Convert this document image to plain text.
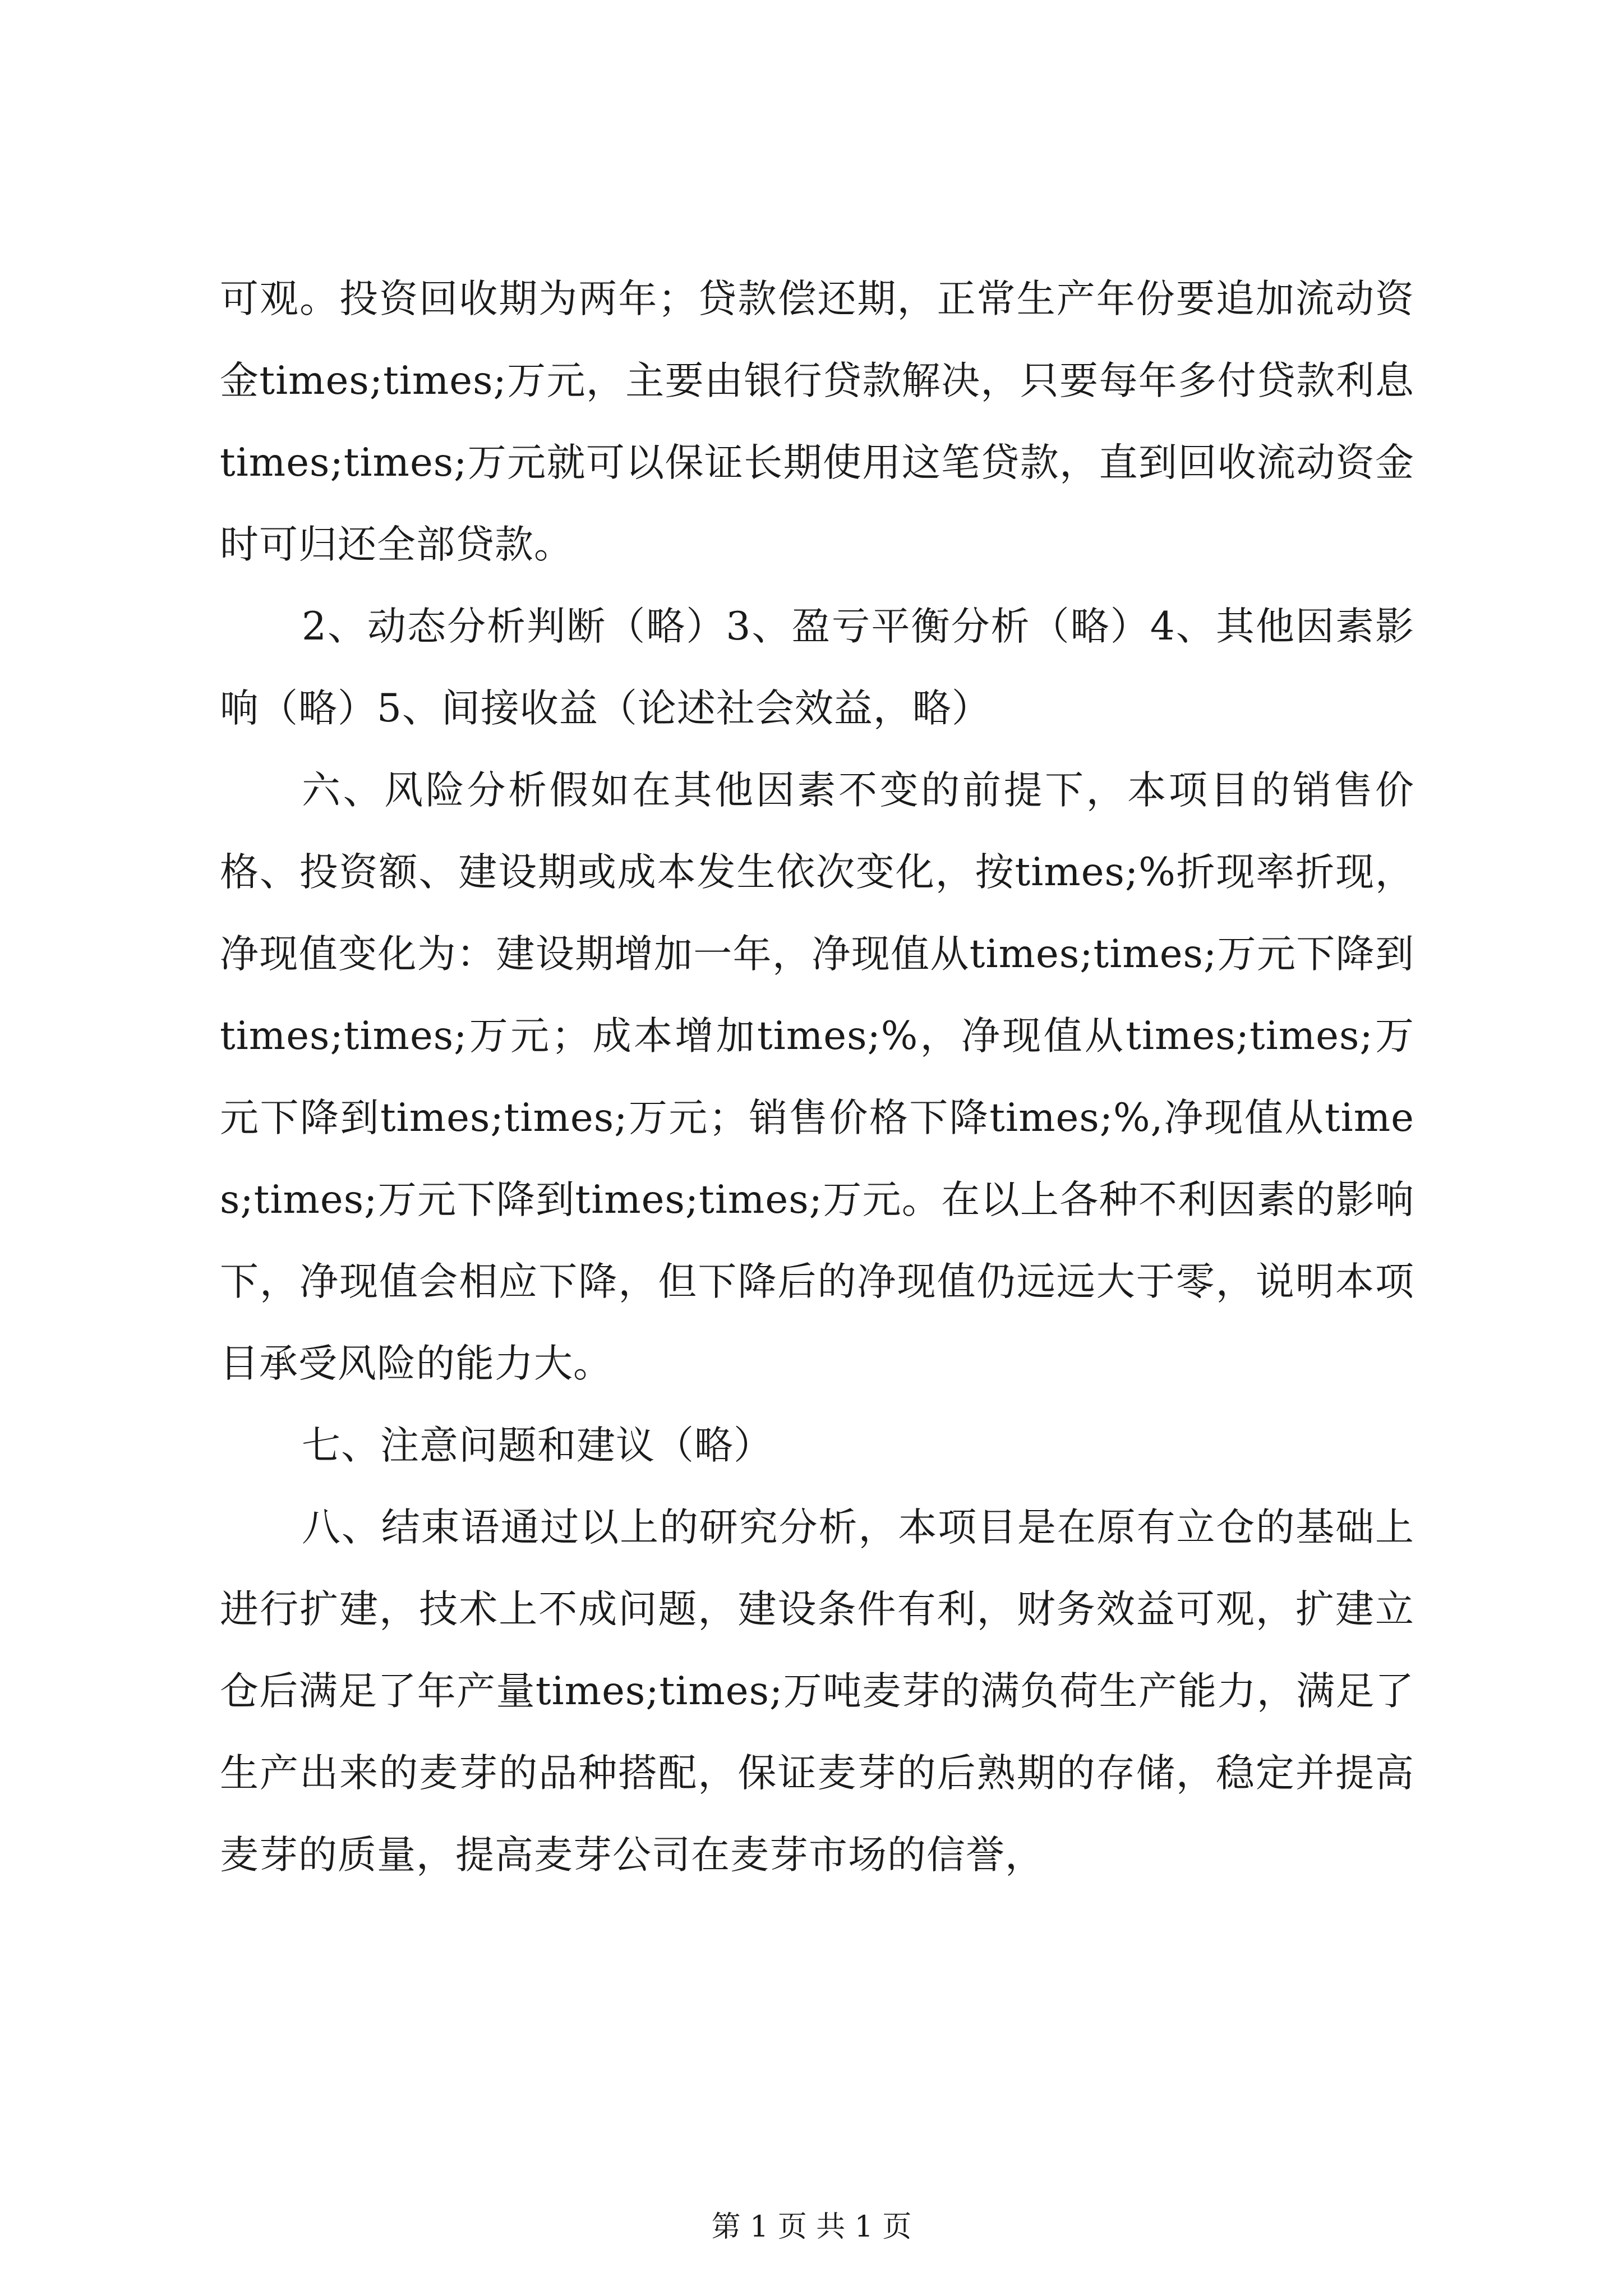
可观。投资回收期为两年；贷款偿还期，正常生产年份要追加流动资金times;times;万元，主要由银行贷款解决，只要每年多付贷款利息times;times;万元就可以保证长期使用这笔贷款，直到回收流动资金时可归还全部贷款。

2、动态分析判断（略）3、盈亏平衡分析（略）4、其他因素影响（略）5、间接收益（论述社会效益，略）

六、风险分析假如在其他因素不变的前提下，本项目的销售价格、投资额、建设期或成本发生依次变化，按times;%折现率折现，净现值变化为：建设期增加一年，净现值从times;times;万元下降到times;times;万元；成本增加times;%，净现值从times;times;万元下降到times;times;万元；销售价格下降times;%,净现值从times;times;万元下降到times;times;万元。在以上各种不利因素的影响下，净现值会相应下降，但下降后的净现值仍远远大于零，说明本项目承受风险的能力大。

七、注意问题和建议（略）

八、结束语通过以上的研究分析，本项目是在原有立仓的基础上进行扩建，技术上不成问题，建设条件有利，财务效益可观，扩建立仓后满足了年产量times;times;万吨麦芽的满负荷生产能力，满足了生产出来的麦芽的品种搭配，保证麦芽的后熟期的存储，稳定并提高麦芽的质量，提高麦芽公司在麦芽市场的信誉，

第 1 页 共 1 页
